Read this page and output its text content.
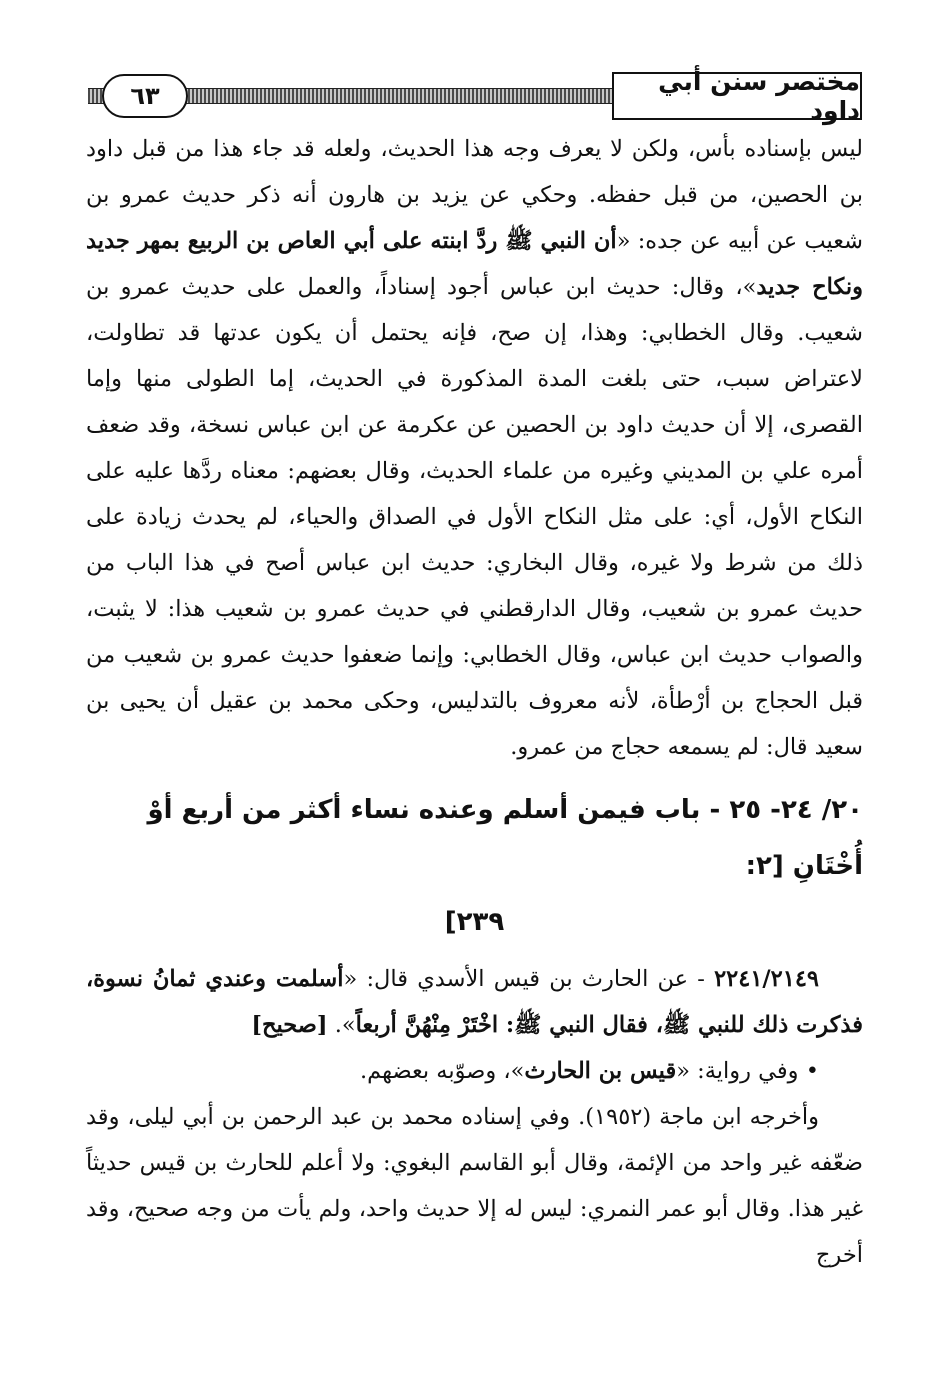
٦٣	مختصر سنن أبي داود

ليس بإسناده بأس، ولكن لا يعرف وجه هذا الحديث، ولعله قد جاء هذا من قبل داود بن الحصين، من قبل حفظه. وحكي عن يزيد بن هارون أنه ذكر حديث عمرو بن شعيب عن أبيه عن جده: «أن النبي ﷺ ردَّ ابنته على أبي العاص بن الربيع بمهر جديد ونكاح جديد»، وقال: حديث ابن عباس أجود إسناداً، والعمل على حديث عمرو بن شعيب. وقال الخطابي: وهذا، إن صح، فإنه يحتمل أن يكون عدتها قد تطاولت، لاعتراض سبب، حتى بلغت المدة المذكورة في الحديث، إما الطولى منها وإما القصرى، إلا أن حديث داود بن الحصين عن عكرمة عن ابن عباس نسخة، وقد ضعف أمره علي بن المديني وغيره من علماء الحديث، وقال بعضهم: معناه ردَّها عليه على النكاح الأول، أي: على مثل النكاح الأول في الصداق والحياء، لم يحدث زيادة على ذلك من شرط ولا غيره، وقال البخاري: حديث ابن عباس أصح في هذا الباب من حديث عمرو بن شعيب، وقال الدارقطني في حديث عمرو بن شعيب هذا: لا يثبت، والصواب حديث ابن عباس، وقال الخطابي: وإنما ضعفوا حديث عمرو بن شعيب من قبل الحجاج بن أرْطأة، لأنه معروف بالتدليس، وحكى محمد بن عقيل أن يحيى بن سعيد قال: لم يسمعه حجاج من عمرو.

٢٠/ ٢٤- ٢٥ - باب فيمن أسلم وعنده نساء أكثر من أربع أوْ أُخْتَانِ [٢:
٢٣٩]

٢٢٤١/٢١٤٩ - عن الحارث بن قيس الأسدي قال: «أسلمت وعندي ثمانُ نسوة، فذكرت ذلك للنبي ﷺ، فقال النبي ﷺ: اخْتَرْ مِنْهُنَّ أربعاً». [صحيح]

• وفي رواية: «قيس بن الحارث»، وصوّبه بعضهم.

وأخرجه ابن ماجة (١٩٥٢). وفي إسناده محمد بن عبد الرحمن بن أبي ليلى، وقد ضعّفه غير واحد من الإئمة، وقال أبو القاسم البغوي: ولا أعلم للحارث بن قيس حديثاً غير هذا. وقال أبو عمر النمري: ليس له إلا حديث واحد، ولم يأت من وجه صحيح، وقد أخرج
